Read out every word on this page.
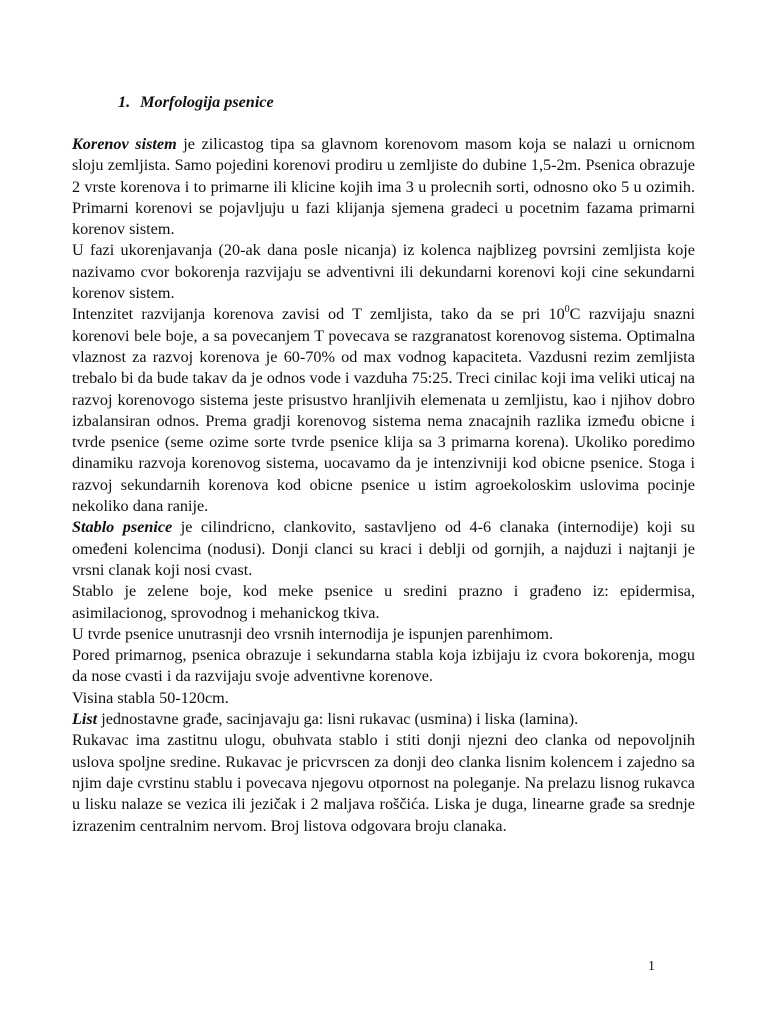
1. Morfologija psenice

Korenov sistem je zilicastog tipa sa glavnom korenovom masom koja se nalazi u ornicnom sloju zemljista. Samo pojedini korenovi prodiru u zemljiste do dubine 1,5-2m. Psenica obrazuje 2 vrste korenova i to primarne ili klicine kojih ima 3 u prolecnih sorti, odnosno oko 5 u ozimih. Primarni korenovi se pojavljuju u fazi klijanja sjemena gradeci u pocetnim fazama primarni korenov sistem.

U fazi ukorenjavanja (20-ak dana posle nicanja) iz kolenca najblizeg povrsini zemljista koje nazivamo cvor bokorenja razvijaju se adventivni ili dekundarni korenovi koji cine sekundarni korenov sistem.

Intenzitet razvijanja korenova zavisi od T zemljista, tako da se pri $10^0C$ razvijaju snazni korenovi bele boje, a sa povecanjem T povecava se razgranatost korenovog sistema. Optimalna vlaznost za razvoj korenova je 60-70% od max vodnog kapaciteta. Vazdusni rezim zemljista trebalo bi da bude takav da je odnos vode i vazduha 75:25. Treci cinilac koji ima veliki uticaj na razvoj korenovogo sistema jeste prisustvo hranljivih elemenata u zemljistu, kao i njihov dobro izbalansiran odnos. Prema gradji korenovog sistema nema znacajnih razlika između obicne i tvrde psenice (seme ozime sorte tvrde psenice klija sa 3 primarna korena). Ukoliko poredimo dinamiku razvoja korenovog sistema, uocavamo da je intenzivniji kod obicne psenice. Stoga i razvoj sekundarnih korenova kod obicne psenice u istim agroekoloskim uslovima pocinje nekoliko dana ranije.

Stablo psenice je cilindricno, clankovito, sastavljeno od 4-6 clanaka (internodije) koji su omeđeni kolencima (nodusi). Donji clanci su kraci i deblji od gornjih, a najduzi i najtanji je vrsni clanak koji nosi cvast.

Stablo je zelene boje, kod meke psenice u sredini prazno i građeno iz: epidermisa, asimilacionog, sprovodnog i mehanickog tkiva.

U tvrde psenice unutrasnji deo vrsnih internodija je ispunjen parenhimom.

Pored primarnog, psenica obrazuje i sekundarna stabla koja izbijaju iz cvora bokorenja, mogu da nose cvasti i da razvijaju svoje adventivne korenove.

Visina stabla 50-120cm.

List jednostavne građe, sacinjavaju ga: lisni rukavac (usmina) i liska (lamina).

Rukavac ima zastitnu ulogu, obuhvata stablo i stiti donji njezni deo clanka od nepovoljnih uslova spoljne sredine. Rukavac je pricvrscen za donji deo clanka lisnim kolencem i zajedno sa njim daje cvrstinu stablu i povecava njegovu otpornost na poleganje. Na prelazu lisnog rukavca u lisku nalaze se vezica ili jezičak i 2 maljava roščića. Liska je duga, linearne građe sa srednje izrazenim centralnim nervom. Broj listova odgovara broju clanaka.

1
